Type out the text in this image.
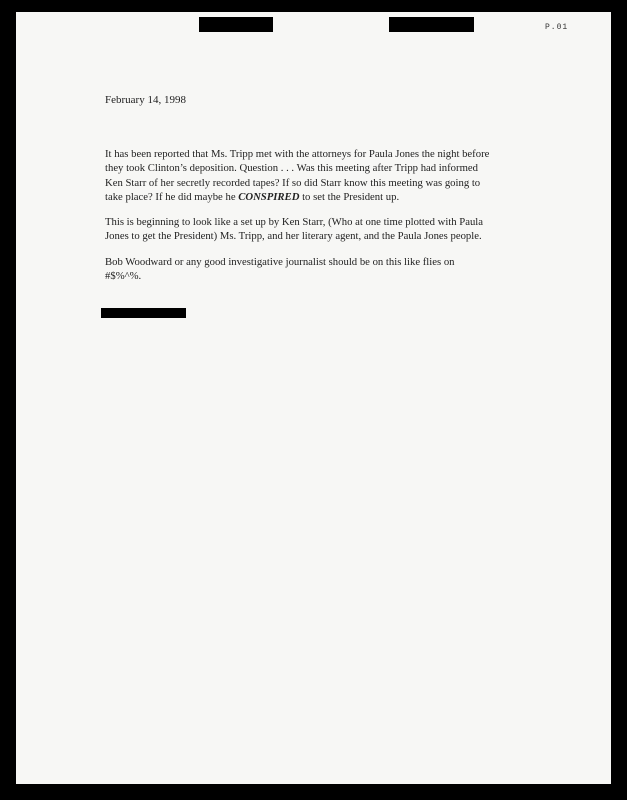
P.01
February 14, 1998

It has been reported that Ms. Tripp met with the attorneys for Paula Jones the night before
they took Clinton’s deposition. Question . . . Was this meeting after Tripp had informed
Ken Starr of her secretly recorded tapes? If so did Starr know this meeting was going to
take place? If he did maybe he CONSPIRED to set the President up.

This is beginning to look like a set up by Ken Starr, (Who at one time plotted with Paula
Jones to get the President) Ms. Tripp, and her literary agent, and the Paula Jones people.

Bob Woodward or any good investigative journalist should be on this like flies on
#$%^%.
